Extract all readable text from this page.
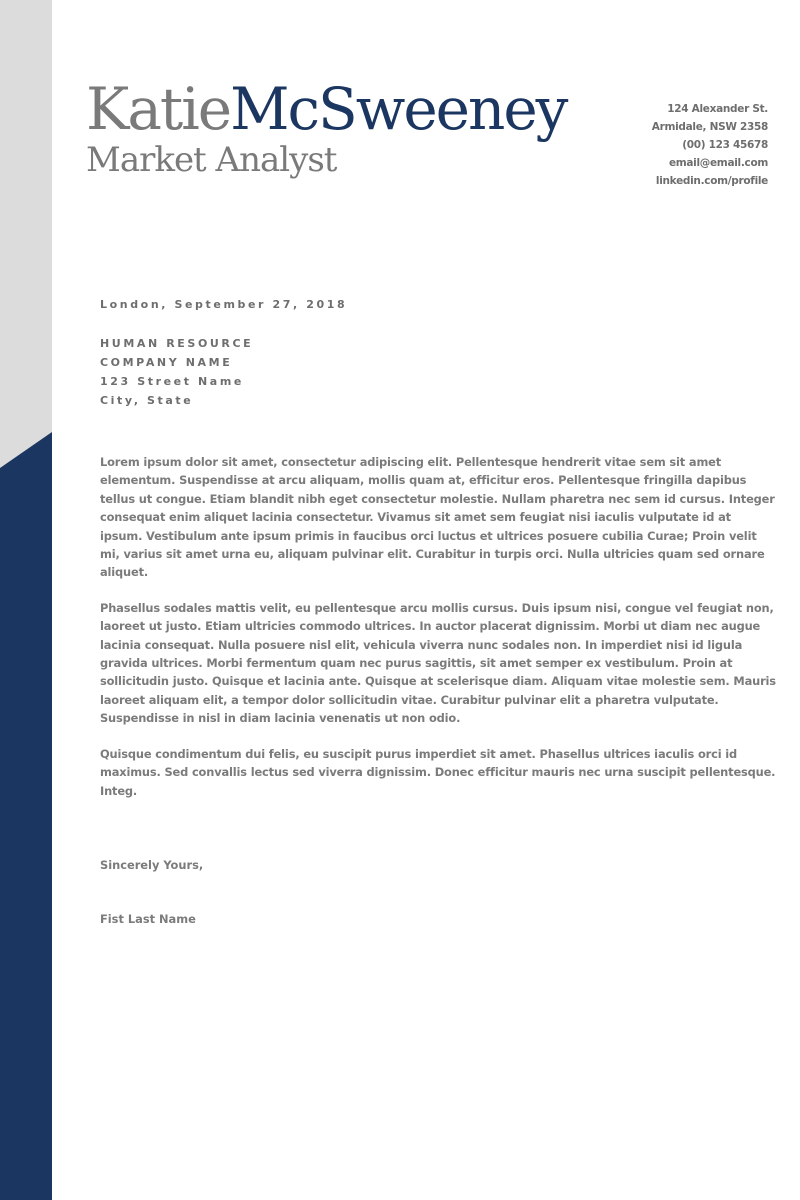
KatieMcSweeney
Market Analyst
124 Alexander St.
Armidale, NSW 2358
(00) 123 45678
email@email.com
linkedin.com/profile
London, September 27, 2018
HUMAN RESOURCE
COMPANY NAME
123 Street Name
City, State

Lorem ipsum dolor sit amet, consectetur adipiscing elit. Pellentesque hendrerit vitae sem sit amet elementum. Suspendisse at arcu aliquam, mollis quam at, efficitur eros. Pellentesque fringilla dapibus tellus ut congue. Etiam blandit nibh eget consectetur molestie. Nullam pharetra nec sem id cursus. Integer consequat enim aliquet lacinia consectetur. Vivamus sit amet sem feugiat nisi iaculis vulputate id at ipsum. Vestibulum ante ipsum primis in faucibus orci luctus et ultrices posuere cubilia Curae; Proin velit mi, varius sit amet urna eu, aliquam pulvinar elit. Curabitur in turpis orci. Nulla ultricies quam sed ornare aliquet.

Phasellus sodales mattis velit, eu pellentesque arcu mollis cursus. Duis ipsum nisi, congue vel feugiat non, laoreet ut justo. Etiam ultricies commodo ultrices. In auctor placerat dignissim. Morbi ut diam nec augue lacinia consequat. Nulla posuere nisl elit, vehicula viverra nunc sodales non. In imperdiet nisi id ligula gravida ultrices. Morbi fermentum quam nec purus sagittis, sit amet semper ex vestibulum. Proin at sollicitudin justo. Quisque et lacinia ante. Quisque at scelerisque diam. Aliquam vitae molestie sem. Mauris laoreet aliquam elit, a tempor dolor sollicitudin vitae. Curabitur pulvinar elit a pharetra vulputate. Suspendisse in nisl in diam lacinia venenatis ut non odio.

Quisque condimentum dui felis, eu suscipit purus imperdiet sit amet. Phasellus ultrices iaculis orci id maximus. Sed convallis lectus sed viverra dignissim. Donec efficitur mauris nec urna suscipit pellentesque. Integ.

Sincerely Yours,
Fist Last Name
